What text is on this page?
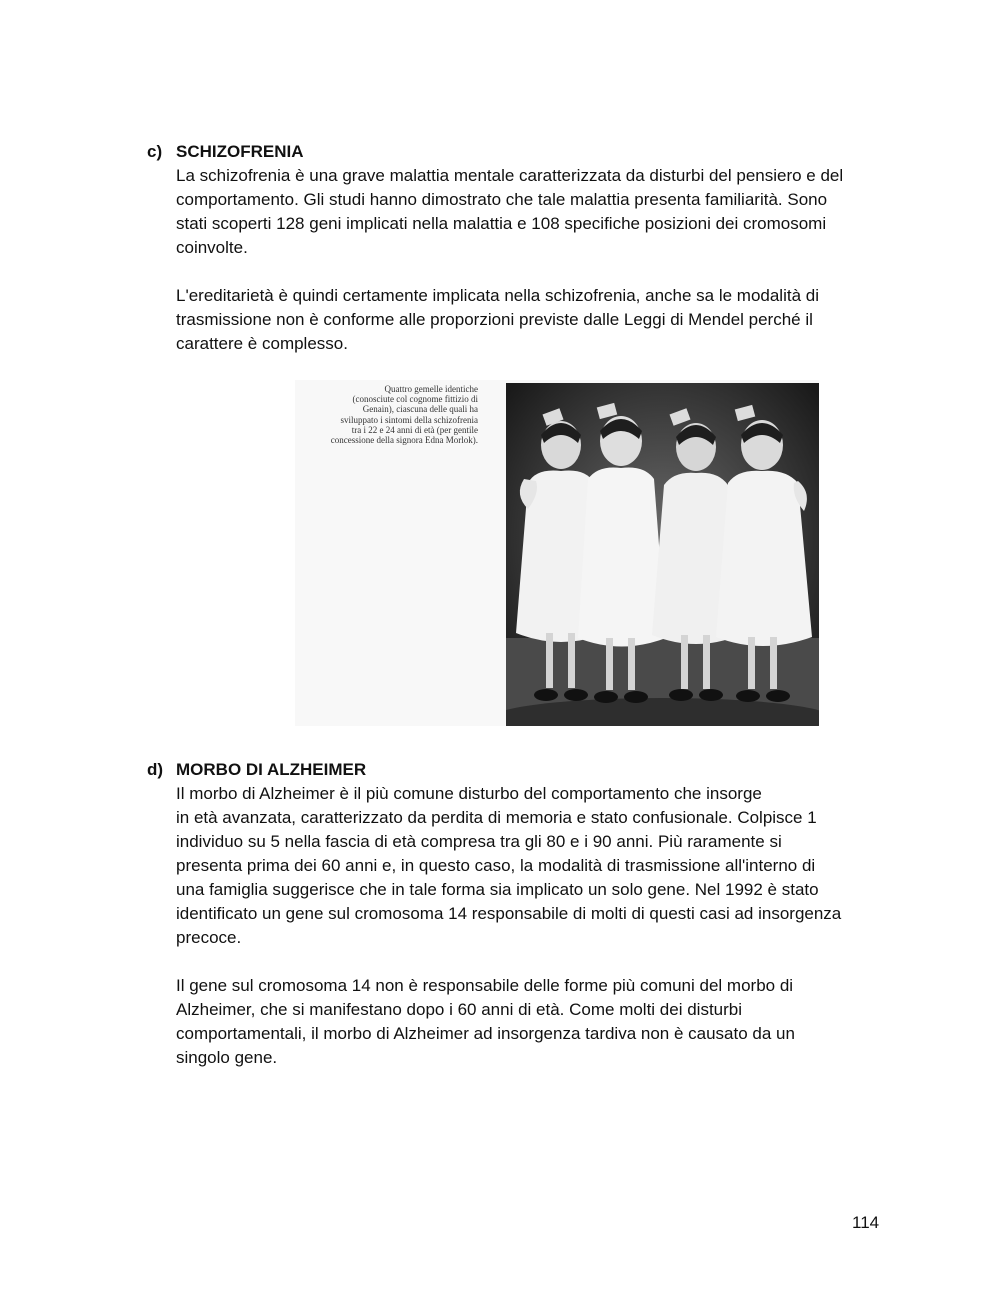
c) SCHIZOFRENIA

La schizofrenia è una grave malattia mentale caratterizzata da disturbi del pensiero e del
comportamento. Gli studi hanno dimostrato che tale malattia presenta familiarità. Sono
stati scoperti 128 geni implicati nella malattia e 108 specifiche posizioni dei cromosomi
coinvolte.

L'ereditarietà è quindi certamente implicata nella schizofrenia, anche sa le modalità di
trasmissione non è conforme alle proporzioni previste dalle Leggi di Mendel perché il
carattere è complesso.

Quattro gemelle identiche
(conosciute col cognome fittizio di
Genain), ciascuna delle quali ha
sviluppato i sintomi della schizofrenia
tra i 22 e 24 anni di età (per gentile
concessione della signora Edna Morlok).
d) MORBO DI ALZHEIMER

Il morbo di Alzheimer è il più comune disturbo del comportamento che insorge
in età avanzata, caratterizzato da perdita di memoria e stato confusionale. Colpisce 1
individuo su 5 nella fascia di età compresa tra gli 80 e i 90 anni. Più raramente si
presenta prima dei 60 anni e, in questo caso, la modalità di trasmissione all'interno di
una famiglia suggerisce che in tale forma sia implicato un solo gene. Nel 1992 è stato
identificato un gene sul cromosoma 14 responsabile di molti di questi casi ad insorgenza
precoce.

Il gene sul cromosoma 14 non è responsabile delle forme più comuni del morbo di
Alzheimer, che si manifestano dopo i 60 anni di età. Come molti dei disturbi
comportamentali, il morbo di Alzheimer ad insorgenza tardiva non è causato da un
singolo gene.

114
